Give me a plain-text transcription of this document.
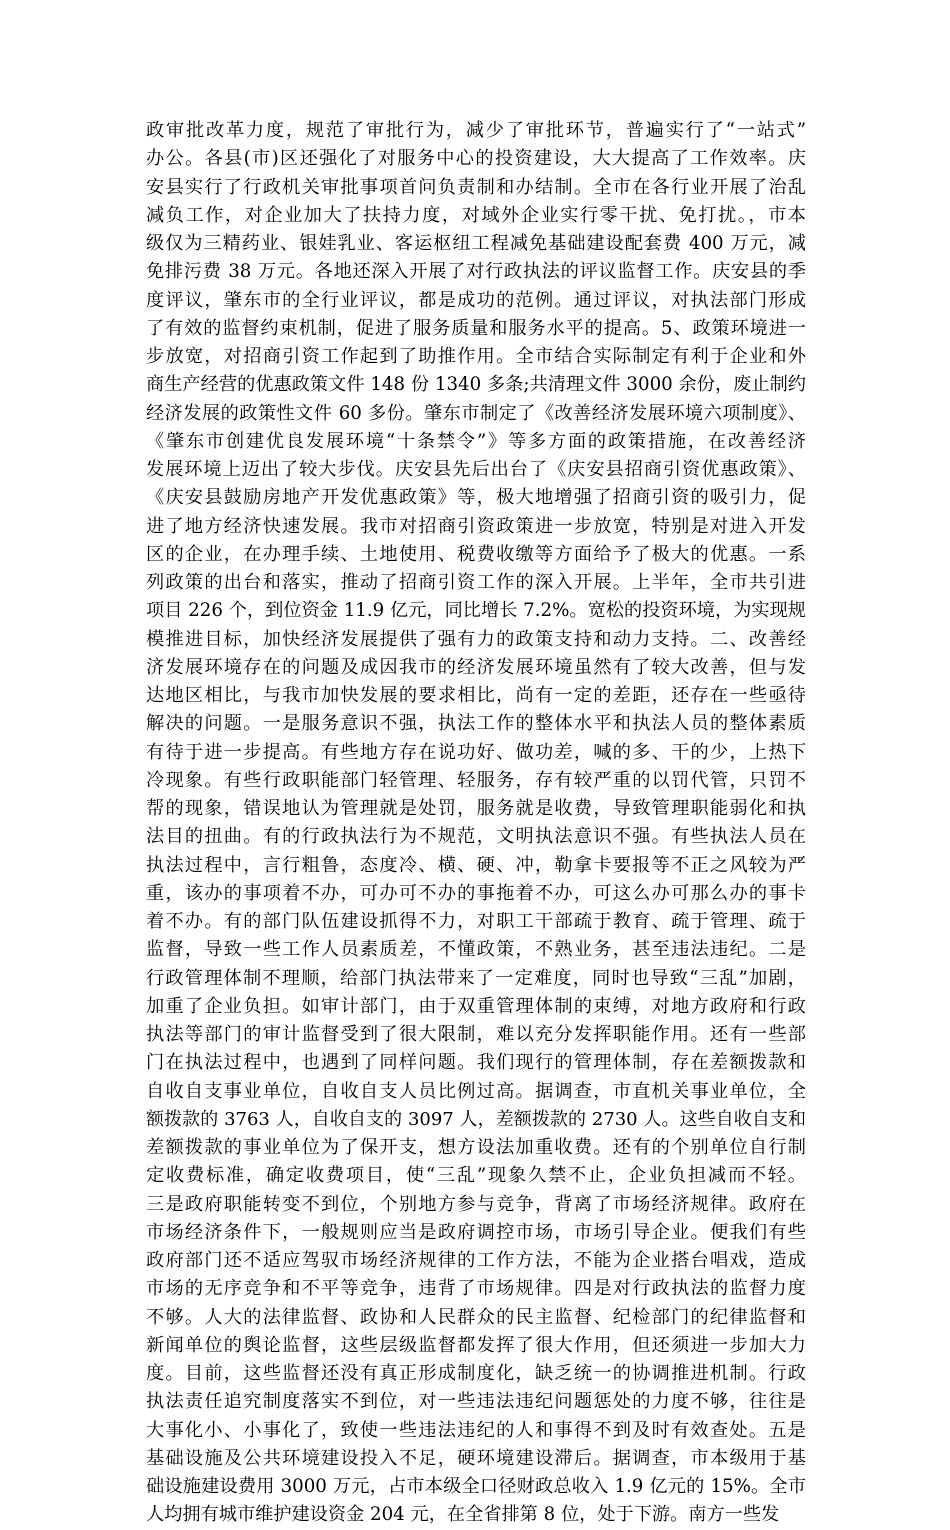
政审批改革力度，规范了审批行为，减少了审批环节，普遍实行了“一站式”
办公。各县(市)区还强化了对服务中心的投资建设，大大提高了工作效率。庆
安县实行了行政机关审批事项首问负责制和办结制。全市在各行业开展了治乱
减负工作，对企业加大了扶持力度，对域外企业实行零干扰、免打扰。，市本
级仅为三精药业、银娃乳业、客运枢纽工程减免基础建设配套费 400 万元，减
免排污费 38 万元。各地还深入开展了对行政执法的评议监督工作。庆安县的季
度评议，肇东市的全行业评议，都是成功的范例。通过评议，对执法部门形成
了有效的监督约束机制，促进了服务质量和服务水平的提高。5、政策环境进一
步放宽，对招商引资工作起到了助推作用。全市结合实际制定有利于企业和外
商生产经营的优惠政策文件 148 份 1340 多条;共清理文件 3000 余份，废止制约
经济发展的政策性文件 60 多份。肇东市制定了《改善经济发展环境六项制度》、
《肇东市创建优良发展环境“十条禁令”》等多方面的政策措施，在改善经济
发展环境上迈出了较大步伐。庆安县先后出台了《庆安县招商引资优惠政策》、
《庆安县鼓励房地产开发优惠政策》等，极大地增强了招商引资的吸引力，促
进了地方经济快速发展。我市对招商引资政策进一步放宽，特别是对进入开发
区的企业，在办理手续、土地使用、税费收缴等方面给予了极大的优惠。一系
列政策的出台和落实，推动了招商引资工作的深入开展。上半年，全市共引进
项目 226 个，到位资金 11.9 亿元，同比增长 7.2%。宽松的投资环境，为实现规
模推进目标，加快经济发展提供了强有力的政策支持和动力支持。二、改善经
济发展环境存在的问题及成因我市的经济发展环境虽然有了较大改善，但与发
达地区相比，与我市加快发展的要求相比，尚有一定的差距，还存在一些亟待
解决的问题。一是服务意识不强，执法工作的整体水平和执法人员的整体素质
有待于进一步提高。有些地方存在说功好、做功差，喊的多、干的少，上热下
冷现象。有些行政职能部门轻管理、轻服务，存有较严重的以罚代管，只罚不
帮的现象，错误地认为管理就是处罚，服务就是收费，导致管理职能弱化和执
法目的扭曲。有的行政执法行为不规范，文明执法意识不强。有些执法人员在
执法过程中，言行粗鲁，态度冷、横、硬、冲，勒拿卡要报等不正之风较为严
重，该办的事项着不办，可办可不办的事拖着不办，可这么办可那么办的事卡
着不办。有的部门队伍建设抓得不力，对职工干部疏于教育、疏于管理、疏于
监督，导致一些工作人员素质差，不懂政策，不熟业务，甚至违法违纪。二是
行政管理体制不理顺，给部门执法带来了一定难度，同时也导致“三乱”加剧，
加重了企业负担。如审计部门，由于双重管理体制的束缚，对地方政府和行政
执法等部门的审计监督受到了很大限制，难以充分发挥职能作用。还有一些部
门在执法过程中，也遇到了同样问题。我们现行的管理体制，存在差额拨款和
自收自支事业单位，自收自支人员比例过高。据调查，市直机关事业单位，全
额拨款的 3763 人，自收自支的 3097 人，差额拨款的 2730 人。这些自收自支和
差额拨款的事业单位为了保开支，想方设法加重收费。还有的个别单位自行制
定收费标准，确定收费项目，使“三乱”现象久禁不止，企业负担减而不轻。
三是政府职能转变不到位，个别地方参与竞争，背离了市场经济规律。政府在
市场经济条件下，一般规则应当是政府调控市场，市场引导企业。便我们有些
政府部门还不适应驾驭市场经济规律的工作方法，不能为企业搭台唱戏，造成
市场的无序竞争和不平等竞争，违背了市场规律。四是对行政执法的监督力度
不够。人大的法律监督、政协和人民群众的民主监督、纪检部门的纪律监督和
新闻单位的舆论监督，这些层级监督都发挥了很大作用，但还须进一步加大力
度。目前，这些监督还没有真正形成制度化，缺乏统一的协调推进机制。行政
执法责任追究制度落实不到位，对一些违法违纪问题惩处的力度不够，往往是
大事化小、小事化了，致使一些违法违纪的人和事得不到及时有效查处。五是
基础设施及公共环境建设投入不足，硬环境建设滞后。据调查，市本级用于基
础设施建设费用 3000 万元，占市本级全口径财政总收入 1.9 亿元的 15%。全市
人均拥有城市维护建设资金 204 元，在全省排第 8 位，处于下游。南方一些发
